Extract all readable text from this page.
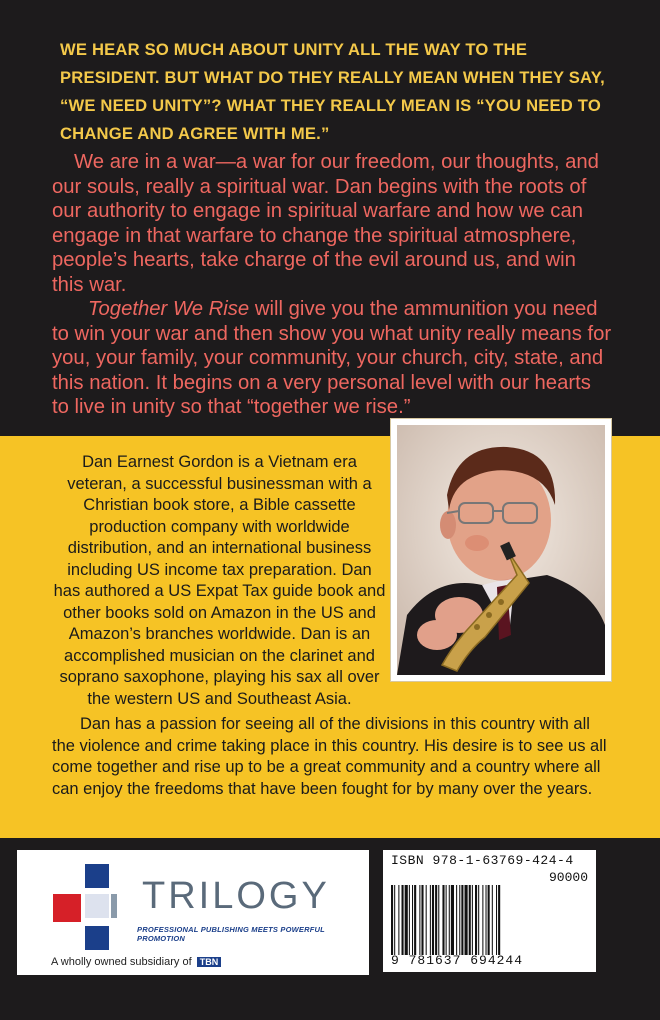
WE HEAR SO MUCH ABOUT UNITY ALL THE WAY TO THE PRESIDENT. BUT WHAT DO THEY REALLY MEAN WHEN THEY SAY, “WE NEED UNITY”? WHAT THEY REALLY MEAN IS “YOU NEED TO CHANGE AND AGREE WITH ME.”

We are in a war—a war for our freedom, our thoughts, and our souls, really a spiritual war. Dan begins with the roots of our authority to engage in spiritual warfare and how we can engage in that warfare to change the spiritual atmosphere, people’s hearts, take charge of the evil around us, and win this war.

Together We Rise will give you the ammunition you need to win your war and then show you what unity really means for you, your family, your community, your church, city, state, and this nation. It begins on a very personal level with our hearts to live in unity so that “together we rise.”

Dan Earnest Gordon is a Vietnam era veteran, a successful businessman with a Christian book store, a Bible cassette production company with worldwide distribution, and an international business including US income tax preparation. Dan has authored a US Expat Tax guide book and other books sold on Amazon in the US and Amazon’s branches worldwide. Dan is an accomplished musician on the clarinet and soprano saxophone, playing his sax all over the western US and Southeast Asia.

Dan has a passion for seeing all of the divisions in this country with all the violence and crime taking place in this country. His desire is to see us all come together and rise up to be a great community and a country where all can enjoy the freedoms that have been fought for by many over the years.

TRILOGY
PROFESSIONAL PUBLISHING MEETS POWERFUL PROMOTION
A wholly owned subsidiary of TBN
ISBN 978-1-63769-424-4
90000
9 781637 694244
